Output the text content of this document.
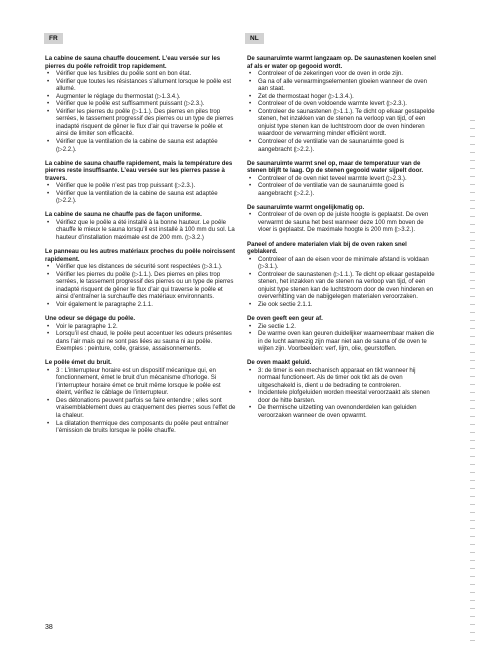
FR	NL
La cabine de sauna chauffe doucement. L’eau versée sur les pierres du poêle refroidit trop rapidement.
• Vérifier que les fusibles du poêle sont en bon état.
• Vérifier que toutes les résistances s’allument lorsque le poêle est allumé.
• Augmenter le réglage du thermostat (▷1.3.4.).
• Vérifier que le poêle est suffisamment puissant (▷2.3.).
• Vérifier les pierres du poêle (▷1.1.). Des pierres en piles trop serrées, le tassement progressif des pierres ou un type de pierres inadapté risquent de gêner le flux d’air qui traverse le poêle et ainsi de limiter son efficacité.
• Vérifier que la ventilation de la cabine de sauna est adaptée (▷2.2.).
La cabine de sauna chauffe rapidement, mais la température des pierres reste insuffisante. L’eau versée sur les pierres passe à travers.
• Vérifier que le poêle n’est pas trop puissant (▷2.3.).
• Vérifier que la ventilation de la cabine de sauna est adaptée (▷2.2.).
La cabine de sauna ne chauffe pas de façon uniforme.
• Vérifiez que le poêle a été installé à la bonne hauteur. Le poêle chauffe le mieux le sauna lorsqu’il est installé à 100 mm du sol. La hauteur d’installation maximale est de 200 mm. (▷3.2.)
Le panneau ou les autres matériaux proches du poêle noircissent rapidement.
• Vérifier que les distances de sécurité sont respectées (▷3.1.).
• Vérifier les pierres du poêle (▷1.1.). Des pierres en piles trop serrées, le tassement progressif des pierres ou un type de pierres inadapté risquent de gêner le flux d’air qui traverse le poêle et ainsi d’entraîner la surchauffe des matériaux environnants.
• Voir également le paragraphe 2.1.1.
Une odeur se dégage du poêle.
• Voir le paragraphe 1.2.
• Lorsqu’il est chaud, le poêle peut accentuer les odeurs présentes dans l’air mais qui ne sont pas liées au sauna ni au poêle. Exemples : peinture, colle, graisse, assaisonnements.
Le poêle émet du bruit.
• 3 : L’interrupteur horaire est un dispositif mécanique qui, en fonctionnement, émet le bruit d’un mécanisme d’horloge. Si l’interrupteur horaire émet ce bruit même lorsque le poêle est éteint, vérifiez le câblage de l’interrupteur.
• Des détonations peuvent parfois se faire entendre ; elles sont vraisemblablement dues au craquement des pierres sous l’effet de la chaleur.
• La dilatation thermique des composants du poêle peut entraîner l’émission de bruits lorsque le poêle chauffe.
De saunaruimte warmt langzaam op. De saunastenen koelen snel af als er water op gegooid wordt.
• Controleer of de zekeringen voor de oven in orde zijn.
• Ga na of alle verwarmingselementen gloeien wanneer de oven aan staat.
• Zet de thermostaat hoger (▷1.3.4.).
• Controleer of de oven voldoende warmte levert (▷2.3.).
• Controleer de saunastenen (▷1.1.). Te dicht op elkaar gestapelde stenen, het inzakken van de stenen na verloop van tijd, of een onjuist type stenen kan de luchtstroom door de oven hinderen waardoor de verwarming minder efficiënt wordt.
• Controleer of de ventilatie van de saunaruimte goed is aangebracht (▷2.2.).
De saunaruimte warmt snel op, maar de temperatuur van de stenen blijft te laag. Op de stenen gegooid water sijpelt door.
• Controleer of de oven niet teveel warmte levert (▷2.3.).
• Controleer of de ventilatie van de saunaruimte goed is aangebracht (▷2.2.).
De saunaruimte warmt ongelijkmatig op.
• Controleer of de oven op de juiste hoogte is geplaatst. De oven verwarmt de sauna het best wanneer deze 100 mm boven de vloer is geplaatst. De maximale hoogte is 200 mm (▷3.2.).
Paneel of andere materialen vlak bij de oven raken snel geblakerd.
• Controleer of aan de eisen voor de minimale afstand is voldaan (▷3.1.).
• Controleer de saunastenen (▷1.1.). Te dicht op elkaar gestapelde stenen, het inzakken van de stenen na verloop van tijd, of een onjuist type stenen kan de luchtstroom door de oven hinderen en oververhitting van de nabijgelegen materialen veroorzaken.
• Zie ook sectie 2.1.1.
De oven geeft een geur af.
• Zie sectie 1.2.
• De warme oven kan geuren duidelijker waarneembaar maken die in de lucht aanwezig zijn maar niet aan de sauna of de oven te wijten zijn. Voorbeelden: verf, lijm, olie, geurstoffen.
De oven maakt geluid.
• 3: de timer is een mechanisch apparaat en tikt wanneer hij normaal functioneert. Als de timer ook tikt als de oven uitgeschakeld is, dient u de bedrading te controleren.
• Incidentele plofgeluiden worden meestal veroorzaakt als stenen door de hitte barsten.
• De thermische uitzetting van ovenonderdelen kan geluiden veroorzaken wanneer de oven opwarmt.
38
